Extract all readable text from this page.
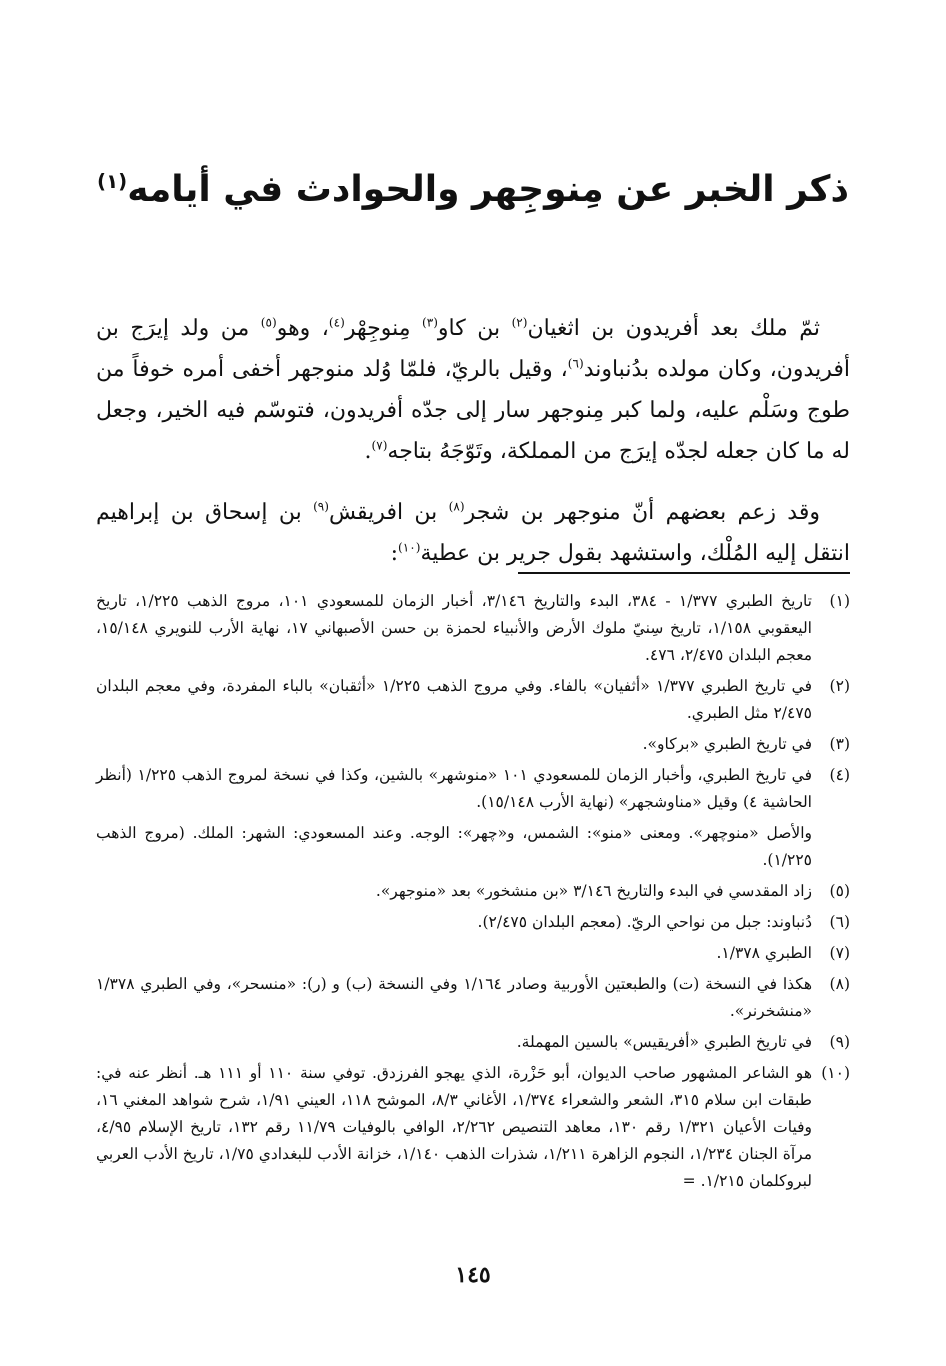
ذكر الخبر عن مِنوجِهر والحوادث في أيامه$^{(١)}$

ثمّ ملك بعد أفريدون بن اثغيان$^{(٢)}$ بن كاو$^{(٣)}$ مِنوجِهْر$^{(٤)}$، وهو$^{(٥)}$ من ولد إيرَج بن أفريدون، وكان مولده بدُنباوند$^{(٦)}$، وقيل بالريّ، فلمّا وُلد منوجهر أخفى أمره خوفاً من طوج وسَلْم عليه، ولما كبر مِنوجهر سار إلى جدّه أفريدون، فتوسّم فيه الخير، وجعل له ما كان جعله لجدّه إيرَج من المملكة، وتَوّجَهُ بتاجه$^{(٧)}$.

وقد زعم بعضهم أنّ منوجهر بن شجر$^{(٨)}$ بن افريقش$^{(٩)}$ بن إسحاق بن إبراهيم انتقل إليه المُلْك، واستشهد بقول جرير بن عطية$^{(١٠)}$:

(١)
تاريخ الطبري ١/٣٧٧ - ٣٨٤، البدء والتاريخ ٣/١٤٦، أخبار الزمان للمسعودي ١٠١، مروج الذهب ١/٢٢٥، تاريخ اليعقوبي ١/١٥٨، تاريخ سِنيّ ملوك الأرض والأنبياء لحمزة بن حسن الأصبهاني ١٧، نهاية الأرب للنويري ١٥/١٤٨، معجم البلدان ٢/٤٧٥، ٤٧٦.
(٢)
في تاريخ الطبري ١/٣٧٧ «أثفيان» بالفاء. وفي مروج الذهب ١/٢٢٥ «أثقبان» بالباء المفردة، وفي معجم البلدان ٢/٤٧٥ مثل الطبري.
(٣)
في تاريخ الطبري «بركاو».
(٤)
في تاريخ الطبري، وأخبار الزمان للمسعودي ١٠١ «منوشهر» بالشين، وكذا في نسخة لمروج الذهب ١/٢٢٥ (أنظر الحاشية ٤) وقيل «مناوشجهر» (نهاية الأرب ١٥/١٤٨).
والأصل «منوچهر». ومعنى «منو»: الشمس، و«چهر»: الوجه. وعند المسعودي: الشهر: الملك. (مروج الذهب ١/٢٢٥).
(٥)
زاد المقدسي في البدء والتاريخ ٣/١٤٦ «بن منشخور» بعد «منوجهر».
(٦)
دُنباوند: جبل من نواحي الريّ. (معجم البلدان ٢/٤٧٥).
(٧)
الطبري ١/٣٧٨.
(٨)
هكذا في النسخة (ت) والطبعتين الأوربية وصادر ١/١٦٤ وفي النسخة (ب) و (ر): «منسحر»، وفي الطبري ١/٣٧٨ «منشخرنر».
(٩)
في تاريخ الطبري «أفريقيس» بالسين المهملة.
(١٠)
هو الشاعر المشهور صاحب الديوان، أبو حَزْرة، الذي يهجو الفرزدق. توفي سنة ١١٠ أو ١١١ هـ. أنظر عنه في: طبقات ابن سلام ٣١٥، الشعر والشعراء ١/٣٧٤، الأغاني ٨/٣، الموشح ١١٨، العيني ١/٩١، شرح شواهد المغني ١٦، وفيات الأعيان ١/٣٢١ رقم ١٣٠، معاهد التنصيص ٢/٢٦٢، الوافي بالوفيات ١١/٧٩ رقم ١٣٢، تاريخ الإسلام ٤/٩٥، مرآة الجنان ١/٢٣٤، النجوم الزاهرة ١/٢١١، شذرات الذهب ١/١٤٠، خزانة الأدب للبغدادي ١/٧٥، تاريخ الأدب العربي لبروكلمان ١/٢١٥. =
١٤٥
